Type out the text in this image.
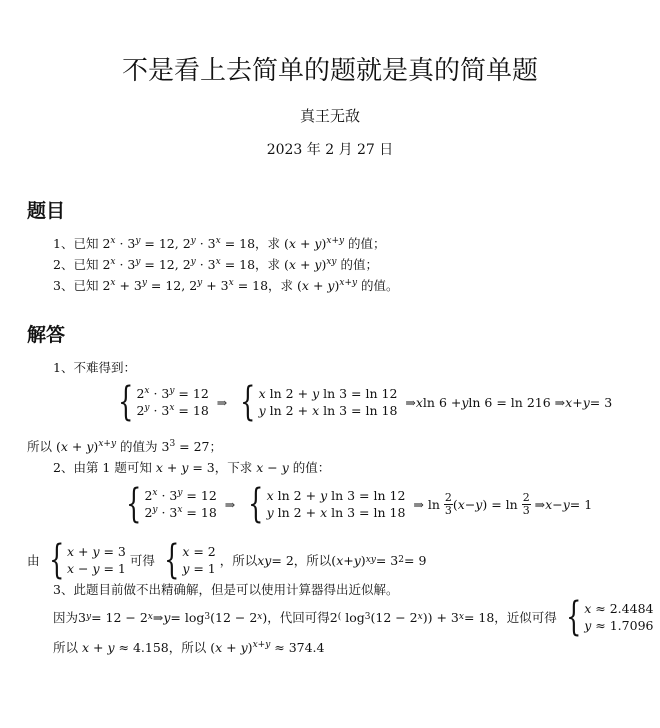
不是看上去简单的题就是真的简单题
真王无敌
2023 年 2 月 27 日
题目
1、已知 $2^x \cdot 3^y = 12$, $2^y \cdot 3^x = 18$，求 $(x + y)^{x+y}$ 的值；
2、已知 $2^x \cdot 3^y = 12$, $2^y \cdot 3^x = 18$，求 $(x + y)^{xy}$ 的值；
3、已知 $2^x + 3^y = 12$, $2^y + 3^x = 18$，求 $(x + y)^{x+y}$ 的值。
解答
1、不难得到：
{ $2^x \cdot 3^y = 12$
$2^y \cdot 3^x = 18$
⇒ { x ln 2 + y ln 3 = ln 12
y ln 2 + x ln 3 = ln 18
⇒ x ln 6 + y ln 6 = ln 216 ⇒ x + y = 3
所以 $(x + y)^{x+y}$ 的值为 $3^3 = 27$；
2、由第 1 题可知 x + y = 3，下求 x − y 的值：
{ $2^x \cdot 3^y = 12$
$2^y \cdot 3^x = 18$
⇒ { x ln 2 + y ln 3 = ln 12
y ln 2 + x ln 3 = ln 18
⇒ $\ln \frac{2}{3}$ ( x − y ) = $\ln \frac{2}{3}$ ⇒ x − y = 1
由 { x + y = 3
x − y = 1
可得 { x = 2
y = 1

，所以 xy = 2 ，所以 ( x + y ) xy = 3 2 = 9
3、此题目前做不出精确解，但是可以使用计算器得出近似解。
因为 3 y = 12 − 2 x ⇒ y = log 3 (12 − 2 x ) ，代回可得 2 ( log 3 (12 − 2 x )) + 3 x = 18 ，近似可得
{ x ≈ 2.4484
y ≈ 1.7096
所以 x + y ≈ 4.158，所以 $(x + y)^{x+y} \approx 374.4$
